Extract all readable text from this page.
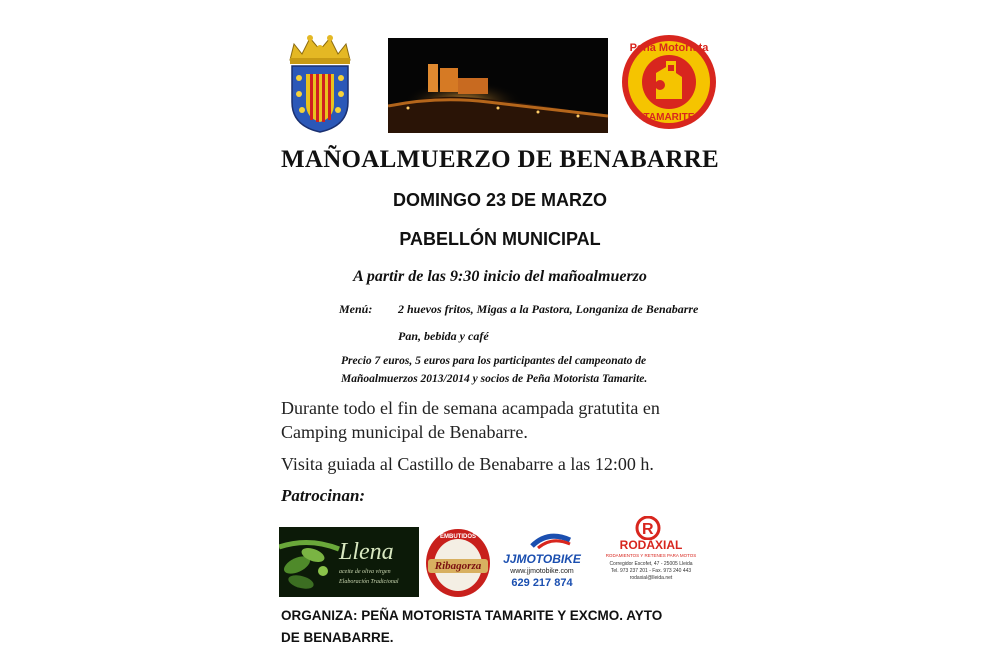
Peña Motorista
TAMARITE
MAÑOALMUERZO DE BENABARRE
DOMINGO 23 DE MARZO
PABELLÓN MUNICIPAL
A partir de las 9:30 inicio del mañoalmuerzo
Menú: 2 huevos fritos, Migas a la Pastora, Longaniza de Benabarre
Pan, bebida y café
Precio 7 euros, 5 euros para los participantes del campeonato de
Mañoalmuerzos 2013/2014 y socios de Peña Motorista Tamarite.
Durante todo el fin de semana acampada gratutita en
Camping municipal de Benabarre.
Visita guiada al Castillo de Benabarre a las 12:00 h.
Patrocinan:
Llena
aceite de oliva virgen
Elaboración Tradicional
EMBUTIDOS
Ribagorza	JJMOTOBIKE
www.jjmotobike.com
629 217 874
R
RODAXIAL
RODAMIENTOS Y RETENES PARA MOTOS
Corregidor Escofet, 47 - 25005 Lleida
Tel. 973 237 201 - Fax. 973 240 443
rodaxial@lleida.net
ORGANIZA: PEÑA MOTORISTA TAMARITE Y EXCMO. AYTO
DE BENABARRE.
